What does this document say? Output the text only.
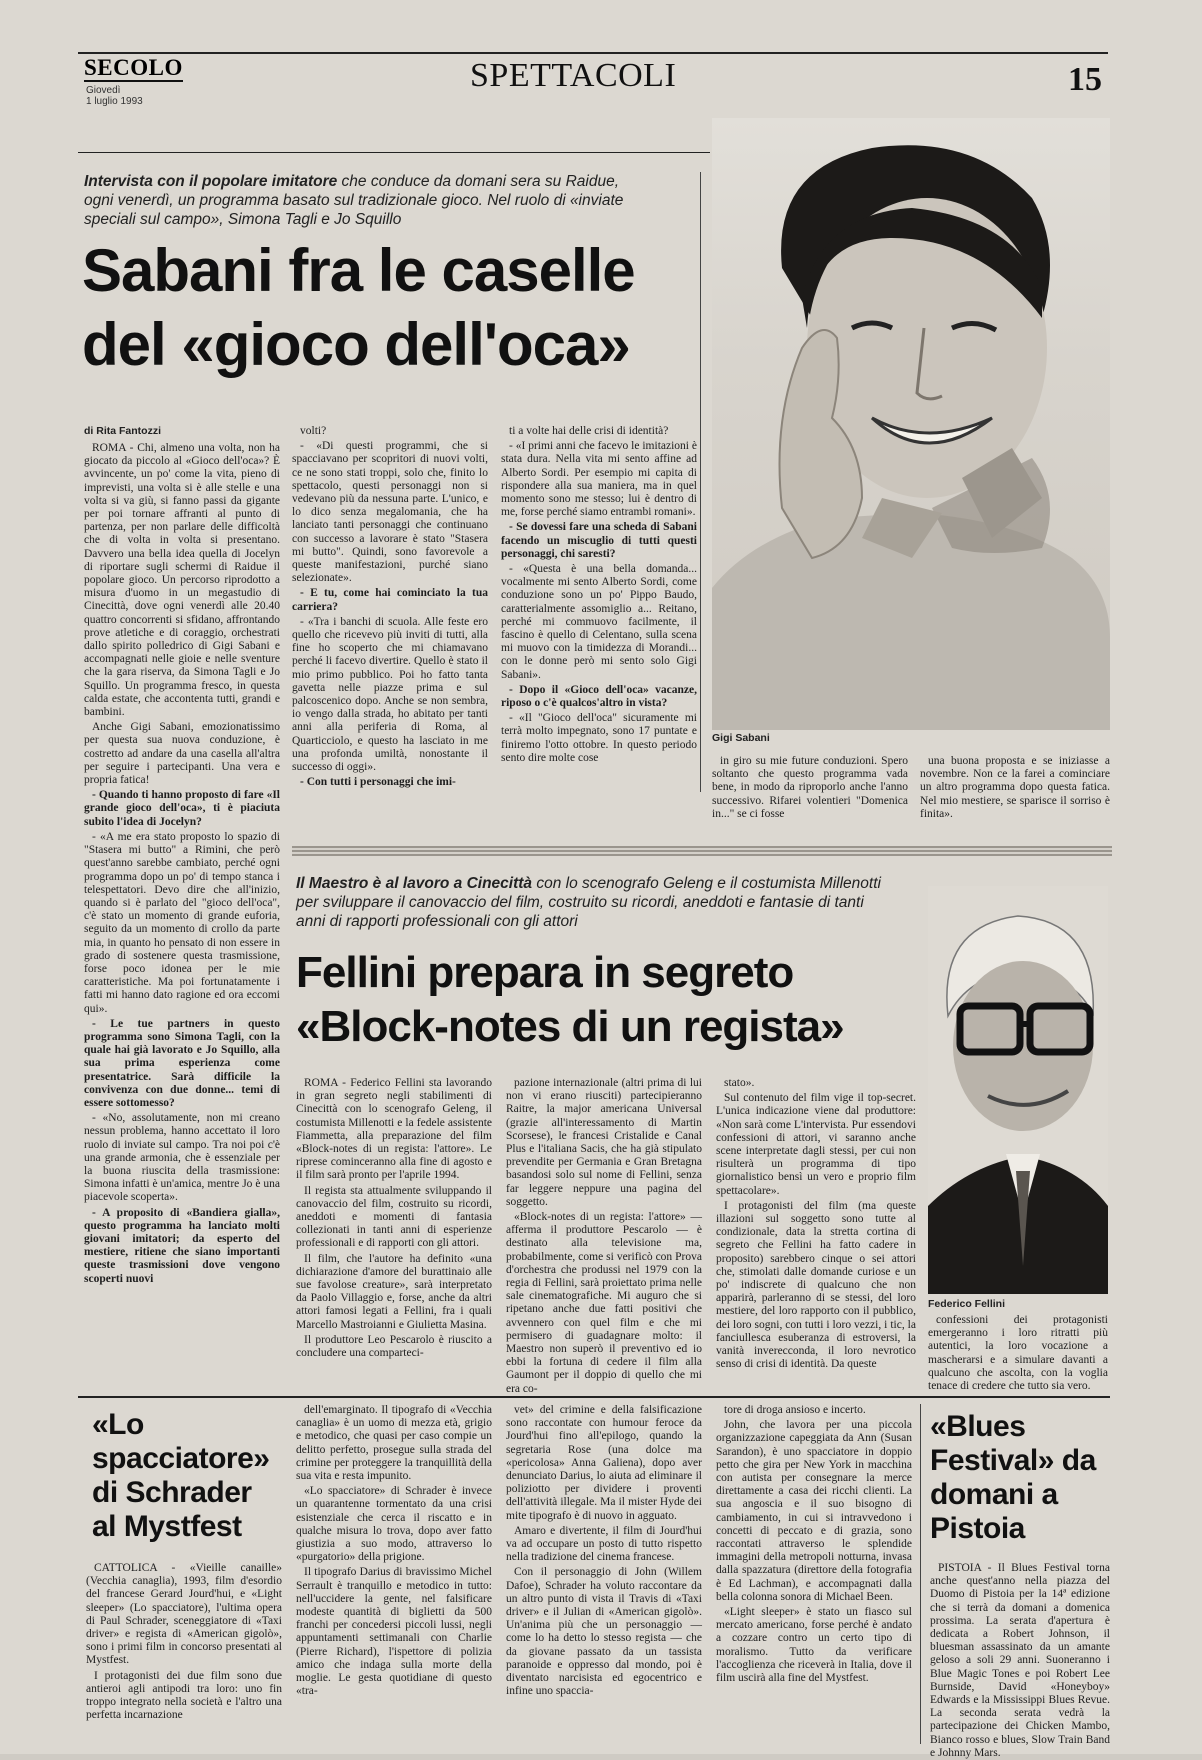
SECOLO
Giovedì
1 luglio 1993
SPETTACOLI	15
Intervista con il popolare imitatore che conduce da domani sera su Raidue, ogni venerdì, un programma basato sul tradizionale gioco. Nel ruolo di «inviate speciali sul campo», Simona Tagli e Jo Squillo
Sabani fra le caselle
del «gioco dell'oca»
Gigi Sabani
di Rita Fantozzi

ROMA - Chi, almeno una volta, non ha giocato da piccolo al «Gioco dell'oca»? È avvincente, un po' come la vita, pieno di imprevisti, una volta si è alle stelle e una volta si va giù, si fanno passi da gigante per poi tornare affranti al punto di partenza, per non parlare delle difficoltà che di volta in volta si presentano. Davvero una bella idea quella di Jocelyn di riportare sugli schermi di Raidue il popolare gioco. Un percorso riprodotto a misura d'uomo in un megastudio di Cinecittà, dove ogni venerdì alle 20.40 quattro concorrenti si sfidano, affrontando prove atletiche e di coraggio, orchestrati dallo spirito polledrico di Gigi Sabani e accompagnati nelle gioie e nelle sventure che la gara riserva, da Simona Tagli e Jo Squillo. Un programma fresco, in questa calda estate, che accontenta tutti, grandi e bambini.

Anche Gigi Sabani, emozionatissimo per questa sua nuova conduzione, è costretto ad andare da una casella all'altra per seguire i partecipanti. Una vera e propria fatica!

- Quando ti hanno proposto di fare «Il grande gioco dell'oca», ti è piaciuta subito l'idea di Jocelyn?

- «A me era stato proposto lo spazio di "Stasera mi butto" a Rimini, che però quest'anno sarebbe cambiato, perché ogni programma dopo un po' di tempo stanca i telespettatori. Devo dire che all'inizio, quando si è parlato del "gioco dell'oca", c'è stato un momento di grande euforia, seguito da un momento di crollo da parte mia, in quanto ho pensato di non essere in grado di sostenere questa trasmissione, forse poco idonea per le mie caratteristiche. Ma poi fortunatamente i fatti mi hanno dato ragione ed ora eccomi qui».

- Le tue partners in questo programma sono Simona Tagli, con la quale hai già lavorato e Jo Squillo, alla sua prima esperienza come presentatrice. Sarà difficile la convivenza con due donne... temi di essere sottomesso?

- «No, assolutamente, non mi creano nessun problema, hanno accettato il loro ruolo di inviate sul campo. Tra noi poi c'è una grande armonia, che è essenziale per la buona riuscita della trasmissione: Simona infatti è un'amica, mentre Jo è una piacevole scoperta».

- A proposito di «Bandiera gialla», questo programma ha lanciato molti giovani imitatori; da esperto del mestiere, ritiene che siano importanti queste trasmissioni dove vengono scoperti nuovi

volti?

- «Di questi programmi, che si spacciavano per scopritori di nuovi volti, ce ne sono stati troppi, solo che, finito lo spettacolo, questi personaggi non si vedevano più da nessuna parte. L'unico, e lo dico senza megalomania, che ha lanciato tanti personaggi che continuano con successo a lavorare è stato "Stasera mi butto". Quindi, sono favorevole a queste manifestazioni, purché siano selezionate».

- E tu, come hai cominciato la tua carriera?

- «Tra i banchi di scuola. Alle feste ero quello che ricevevo più inviti di tutti, alla fine ho scoperto che mi chiamavano perché li facevo divertire. Quello è stato il mio primo pubblico. Poi ho fatto tanta gavetta nelle piazze prima e sul palcoscenico dopo. Anche se non sembra, io vengo dalla strada, ho abitato per tanti anni alla periferia di Roma, al Quarticciolo, e questo ha lasciato in me una profonda umiltà, nonostante il successo di oggi».

- Con tutti i personaggi che imi-

ti a volte hai delle crisi di identità?

- «I primi anni che facevo le imitazioni è stata dura. Nella vita mi sento affine ad Alberto Sordi. Per esempio mi capita di rispondere alla sua maniera, ma in quel momento sono me stesso; lui è dentro di me, forse perché siamo entrambi romani».

- Se dovessi fare una scheda di Sabani facendo un miscuglio di tutti questi personaggi, chi saresti?

- «Questa è una bella domanda... vocalmente mi sento Alberto Sordi, come conduzione sono un po' Pippo Baudo, caratterialmente assomiglio a... Reitano, perché mi commuovo facilmente, il fascino è quello di Celentano, sulla scena mi muovo con la timidezza di Morandi... con le donne però mi sento solo Gigi Sabani».

- Dopo il «Gioco dell'oca» vacanze, riposo o c'è qualcos'altro in vista?

- «Il "Gioco dell'oca" sicuramente mi terrà molto impegnato, sono 17 puntate e finiremo l'otto ottobre. In questo periodo sento dire molte cose	in giro su mie future conduzioni. Spero soltanto che questo programma vada bene, in modo da riproporlo anche l'anno successivo. Rifarei volentieri "Domenica in..." se ci fosse

una buona proposta e se iniziasse a novembre. Non ce la farei a cominciare un altro programma dopo questa fatica. Nel mio mestiere, se sparisce il sorriso è finita».

Il Maestro è al lavoro a Cinecittà con lo scenografo Geleng e il costumista Millenotti per sviluppare il canovaccio del film, costruito su ricordi, aneddoti e fantasie di tanti anni di rapporti professionali con gli attori
Fellini prepara in segreto
«Block-notes di un regista»
Federico Fellini

ROMA - Federico Fellini sta lavorando in gran segreto negli stabilimenti di Cinecittà con lo scenografo Geleng, il costumista Millenotti e la fedele assistente Fiammetta, alla preparazione del film «Block-notes di un regista: l'attore». Le riprese cominceranno alla fine di agosto e il film sarà pronto per l'aprile 1994.

Il regista sta attualmente sviluppando il canovaccio del film, costruito su ricordi, aneddoti e momenti di fantasia collezionati in tanti anni di esperienze professionali e di rapporti con gli attori.

Il film, che l'autore ha definito «una dichiarazione d'amore del burattinaio alle sue favolose creature», sarà interpretato da Paolo Villaggio e, forse, anche da altri attori famosi legati a Fellini, fra i quali Marcello Mastroianni e Giulietta Masina.

Il produttore Leo Pescarolo è riuscito a concludere una comparteci-

pazione internazionale (altri prima di lui non vi erano riusciti) partecipieranno Raitre, la major americana Universal (grazie all'interessamento di Martin Scorsese), le francesi Cristalide e Canal Plus e l'italiana Sacis, che ha già stipulato prevendite per Germania e Gran Bretagna basandosi solo sul nome di Fellini, senza far leggere neppure una pagina del soggetto.

«Block-notes di un regista: l'attore» — afferma il produttore Pescarolo — è destinato alla televisione ma, probabilmente, come si verificò con Prova d'orchestra che produssi nel 1979 con la regia di Fellini, sarà proiettato prima nelle sale cinematografiche. Mi auguro che si ripetano anche due fatti positivi che avvennero con quel film e che mi permisero di guadagnare molto: il Maestro non superò il preventivo ed io ebbi la fortuna di cedere il film alla Gaumont per il doppio di quello che mi era co-

stato».

Sul contenuto del film vige il top-secret. L'unica indicazione viene dal produttore: «Non sarà come L'intervista. Pur essendovi confessioni di attori, vi saranno anche scene interpretate dagli stessi, per cui non risulterà un programma di tipo giornalistico bensì un vero e proprio film spettacolare».

I protagonisti del film (ma queste illazioni sul soggetto sono tutte al condizionale, data la stretta cortina di segreto che Fellini ha fatto cadere in proposito) sarebbero cinque o sei attori che, stimolati dalle domande curiose e un po' indiscrete di qualcuno che non apparirà, parleranno di se stessi, del loro mestiere, del loro rapporto con il pubblico, dei loro sogni, con tutti i loro vezzi, i tic, la fanciullesca esuberanza di estroversi, la vanità inverecconda, il loro nevrotico senso di crisi di identità. Da queste

confessioni dei protagonisti emergeranno i loro ritratti più autentici, la loro vocazione a mascherarsi e a simulare davanti a qualcuno che ascolta, con la voglia tenace di credere che tutto sia vero.

«Lo spacciatore» di Schrader al Mystfest

CATTOLICA - «Vieille canaille» (Vecchia canaglia), 1993, film d'esordio del francese Gerard Jourd'hui, e «Light sleeper» (Lo spacciatore), l'ultima opera di Paul Schrader, sceneggiatore di «Taxi driver» e regista di «American gigolò», sono i primi film in concorso presentati al Mystfest.

I protagonisti dei due film sono due antieroi agli antipodi tra loro: uno fin troppo integrato nella società e l'altro una perfetta incarnazione

dell'emarginato. Il tipografo di «Vecchia canaglia» è un uomo di mezza età, grigio e metodico, che quasi per caso compie un delitto perfetto, prosegue sulla strada del crimine per proteggere la tranquillità della sua vita e resta impunito.

«Lo spacciatore» di Schrader è invece un quarantenne tormentato da una crisi esistenziale che cerca il riscatto e in qualche misura lo trova, dopo aver fatto giustizia a suo modo, attraverso lo «purgatorio» della prigione.

Il tipografo Darius di bravissimo Michel Serrault è tranquillo e metodico in tutto: nell'uccidere la gente, nel falsificare modeste quantità di biglietti da 500 franchi per concedersi piccoli lussi, negli appuntamenti settimanali con Charlie (Pierre Richard), l'ispettore di polizia amico che indaga sulla morte della moglie. Le gesta quotidiane di questo «tra-

vet» del crimine e della falsificazione sono raccontate con humour feroce da Jourd'hui fino all'epilogo, quando la segretaria Rose (una dolce ma «pericolosa» Anna Galiena), dopo aver denunciato Darius, lo aiuta ad eliminare il poliziotto per dividere i proventi dell'attività illegale. Ma il mister Hyde dei mite tipografo è di nuovo in agguato.

Amaro e divertente, il film di Jourd'hui va ad occupare un posto di tutto rispetto nella tradizione del cinema francese.

Con il personaggio di John (Willem Dafoe), Schrader ha voluto raccontare da un altro punto di vista il Travis di «Taxi driver» e il Julian di «American gigolò». Un'anima più che un personaggio — come lo ha detto lo stesso regista — che da giovane passato da un tassista paranoide e oppresso dal mondo, poi è diventato narcisista ed egocentrico e infine uno spaccia-

tore di droga ansioso e incerto.

John, che lavora per una piccola organizzazione capeggiata da Ann (Susan Sarandon), è uno spacciatore in doppio petto che gira per New York in macchina con autista per consegnare la merce direttamente a casa dei ricchi clienti. La sua angoscia e il suo bisogno di cambiamento, in cui si intravvedono i concetti di peccato e di grazia, sono raccontati attraverso le splendide immagini della metropoli notturna, invasa dalla spazzatura (direttore della fotografia è Ed Lachman), e accompagnati dalla bella colonna sonora di Michael Been.

«Light sleeper» è stato un fiasco sul mercato americano, forse perché è andato a cozzare contro un certo tipo di moralismo. Tutto da verificare l'accoglienza che riceverà in Italia, dove il film uscirà alla fine del Mystfest.

«Blues Festival» da domani a Pistoia

PISTOIA - Il Blues Festival torna anche quest'anno nella piazza del Duomo di Pistoia per la 14ª edizione che si terrà da domani a domenica prossima. La serata d'apertura è dedicata a Robert Johnson, il bluesman assassinato da un amante geloso a soli 29 anni. Suoneranno i Blue Magic Tones e poi Robert Lee Burnside, David «Honeyboy» Edwards e la Mississippi Blues Revue. La seconda serata vedrà la partecipazione dei Chicken Mambo, Bianco rosso e blues, Slow Train Band e Johnny Mars.
